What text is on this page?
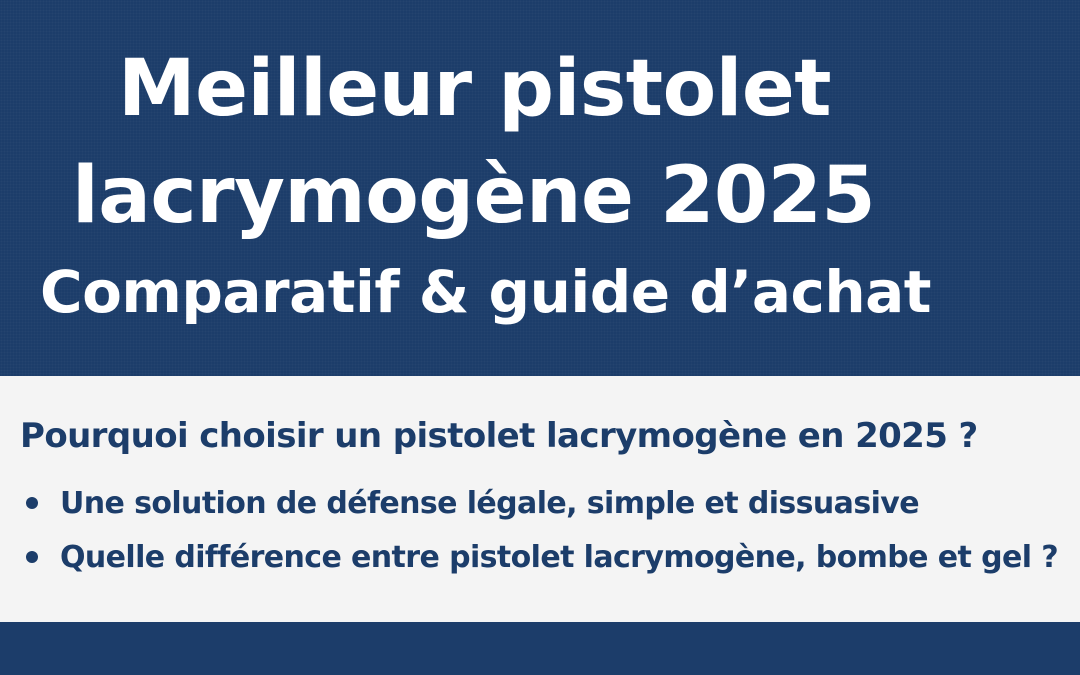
Meilleur pistolet
lacrymogène 2025
Comparatif & guide d’achat
Pourquoi choisir un pistolet lacrymogène en 2025 ?
Une solution de défense légale, simple et dissuasive
Quelle différence entre pistolet lacrymogène, bombe et gel ?
